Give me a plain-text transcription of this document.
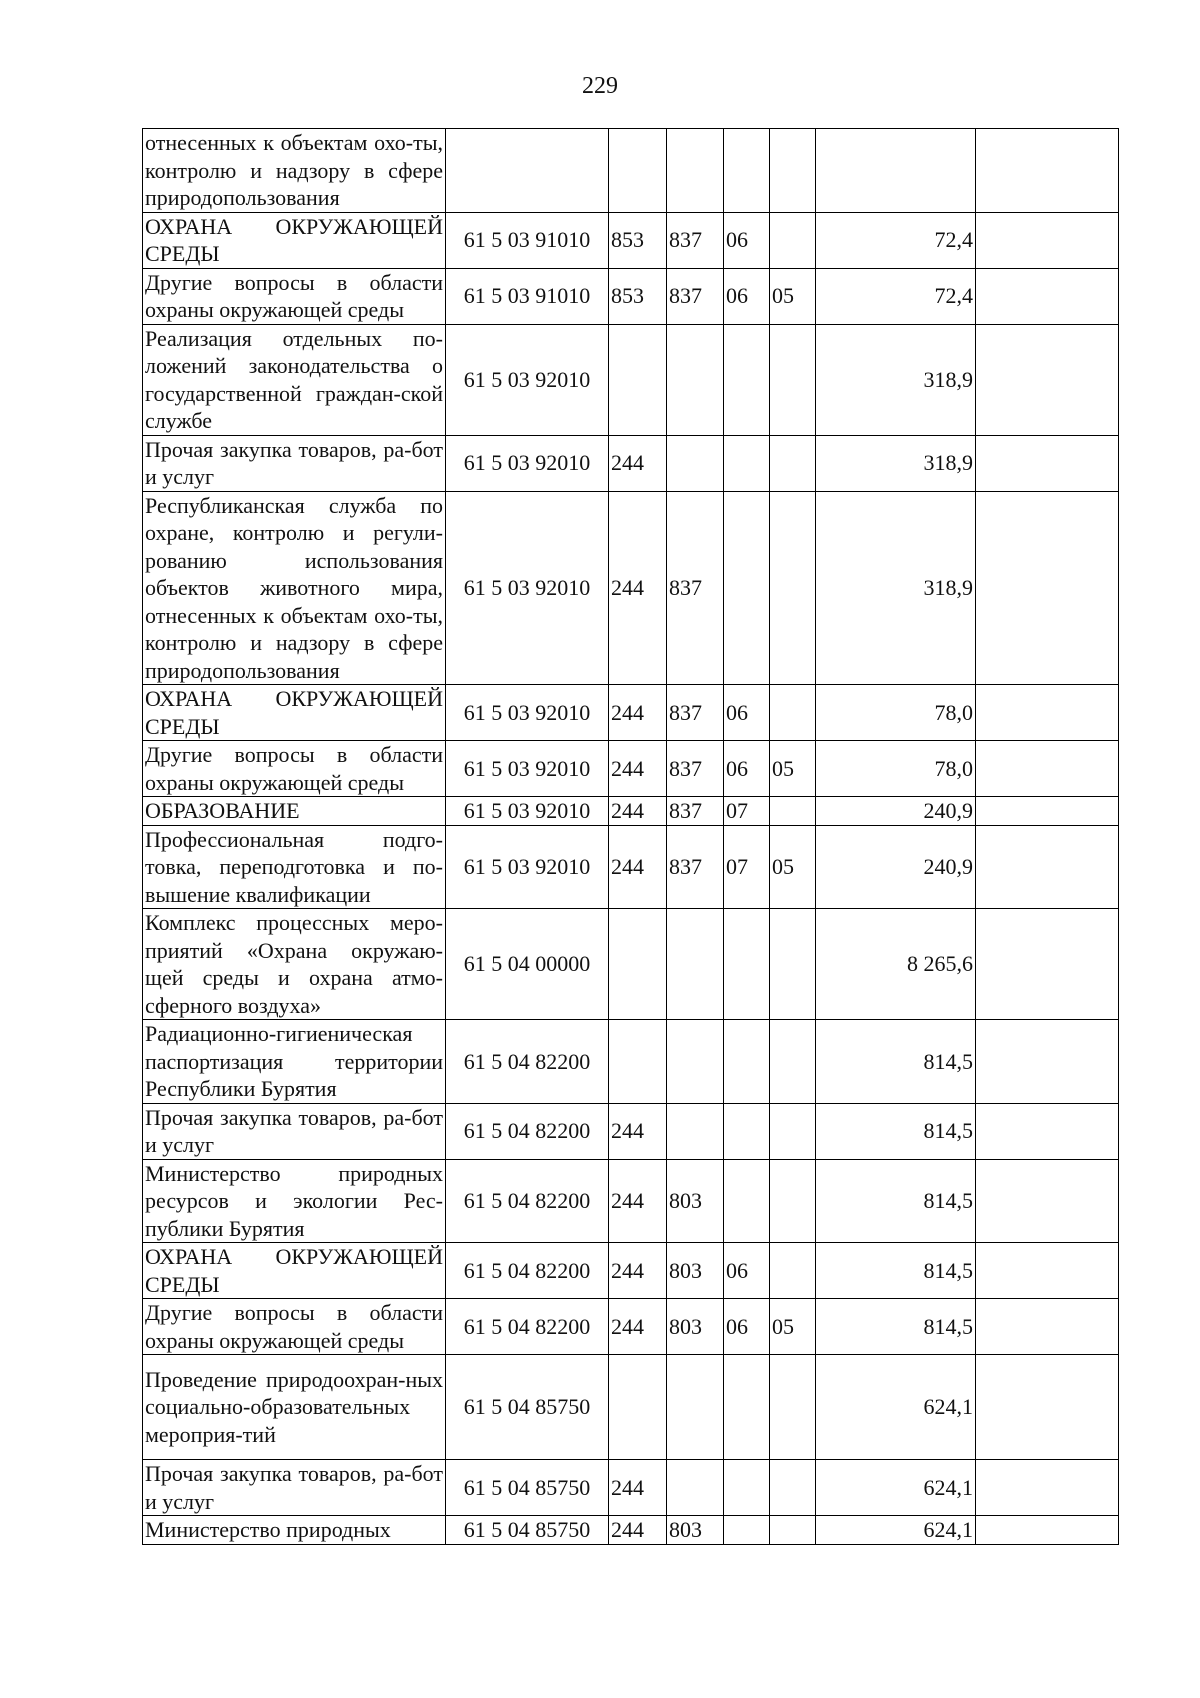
229
отнесенных к объектам охо-ты, контролю и надзору в сфере природопользования							
ОХРАНА ОКРУЖАЮЩЕЙ СРЕДЫ	61 5 03 91010	853	837	06		72,4	
Другие вопросы в области охраны окружающей среды	61 5 03 91010	853	837	06	05	72,4	
Реализация отдельных по-ложений законодательства о государственной граждан-ской службе	61 5 03 92010					318,9	
Прочая закупка товаров, ра-бот и услуг	61 5 03 92010	244				318,9	
Республиканская служба по охране, контролю и регули-рованию использования объектов животного мира, отнесенных к объектам охо-ты, контролю и надзору в сфере природопользования	61 5 03 92010	244	837			318,9	
ОХРАНА ОКРУЖАЮЩЕЙ СРЕДЫ	61 5 03 92010	244	837	06		78,0	
Другие вопросы в области охраны окружающей среды	61 5 03 92010	244	837	06	05	78,0	
ОБРАЗОВАНИЕ	61 5 03 92010	244	837	07		240,9	
Профессиональная подго-товка, переподготовка и по-вышение квалификации	61 5 03 92010	244	837	07	05	240,9	
Комплекс процессных меро-приятий «Охрана окружаю-щей среды и охрана атмо-сферного воздуха»	61 5 04 00000					8 265,6	
Радиационно-гигиеническая паспортизация территории Республики Бурятия	61 5 04 82200					814,5	
Прочая закупка товаров, ра-бот и услуг	61 5 04 82200	244				814,5	
Министерство природных ресурсов и экологии Рес-публики Бурятия	61 5 04 82200	244	803			814,5	
ОХРАНА ОКРУЖАЮЩЕЙ СРЕДЫ	61 5 04 82200	244	803	06		814,5	
Другие вопросы в области охраны окружающей среды	61 5 04 82200	244	803	06	05	814,5	
Проведение природоохран-ных социально-образовательных мероприя-тий	61 5 04 85750					624,1	
Прочая закупка товаров, ра-бот и услуг	61 5 04 85750	244				624,1	
Министерство природных	61 5 04 85750	244	803			624,1	
